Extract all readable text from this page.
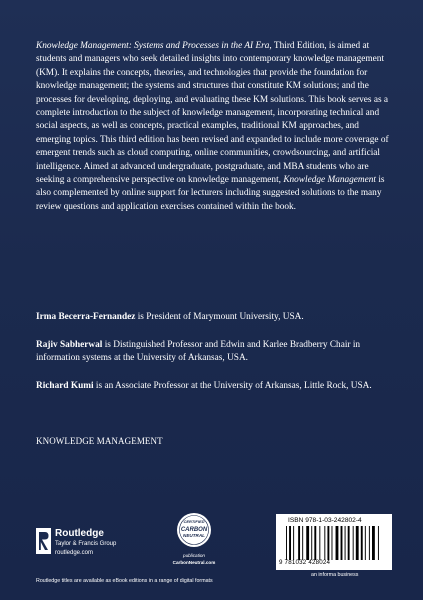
Knowledge Management: Systems and Processes in the AI Era, Third Edition, is aimed at students and managers who seek detailed insights into contemporary knowledge management (KM). It explains the concepts, theories, and technologies that provide the foundation for knowledge management; the systems and structures that constitute KM solutions; and the processes for developing, deploying, and evaluating these KM solutions. This book serves as a complete introduction to the subject of knowledge management, incorporating technical and social aspects, as well as concepts, practical examples, traditional KM approaches, and emerging topics. This third edition has been revised and expanded to include more coverage of emergent trends such as cloud computing, online communities, crowdsourcing, and artificial intelligence. Aimed at advanced undergraduate, postgraduate, and MBA students who are seeking a comprehensive perspective on knowledge management, Knowledge Management is also complemented by online support for lecturers including suggested solutions to the many review questions and application exercises contained within the book.

Irma Becerra-Fernandez is President of Marymount University, USA.

Rajiv Sabherwal is Distinguished Professor and Edwin and Karlee Bradberry Chair in information systems at the University of Arkansas, USA.

Richard Kumi is an Associate Professor at the University of Arkansas, Little Rock, USA.

KNOWLEDGE MANAGEMENT

Routledge
Taylor & Francis Group
routledge.com
CERTIFIED
CARBON
NEUTRAL
publication
CarbonNeutral.com
ISBN 978-1-03-242802-4
9 781032 428024
an informa business
Routledge titles are available as eBook editions in a range of digital formats
